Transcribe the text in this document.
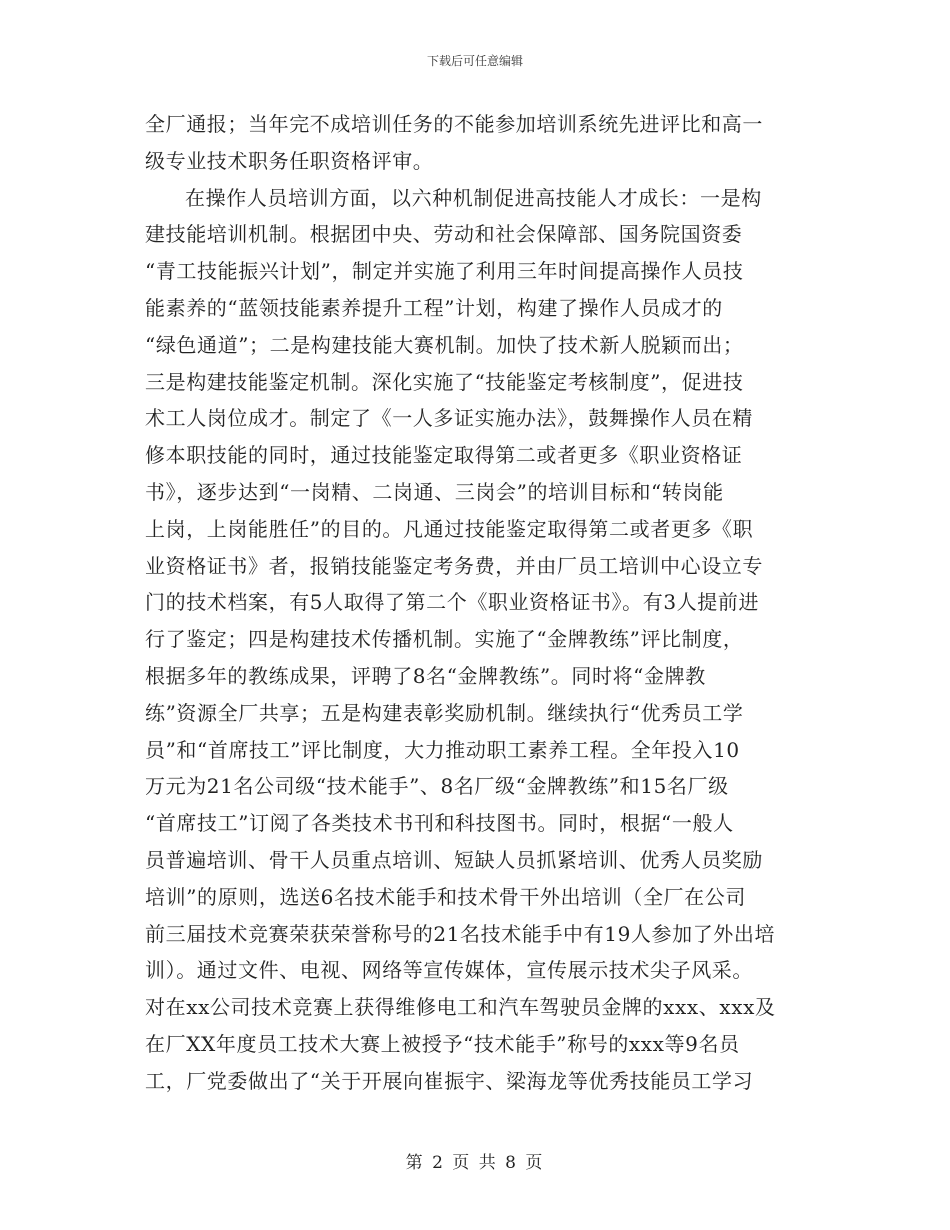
下载后可任意编辑
全厂通报；当年完不成培训任务的不能参加培训系统先进评比和高一
级专业技术职务任职资格评审。
在操作人员培训方面，以六种机制促进高技能人才成长：一是构
建技能培训机制。根据团中央、劳动和社会保障部、国务院国资委
“青工技能振兴计划”，制定并实施了利用三年时间提高操作人员技
能素养的“蓝领技能素养提升工程”计划，构建了操作人员成才的
“绿色通道”；二是构建技能大赛机制。加快了技术新人脱颖而出；
三是构建技能鉴定机制。深化实施了“技能鉴定考核制度”，促进技
术工人岗位成才。制定了《一人多证实施办法》，鼓舞操作人员在精
修本职技能的同时，通过技能鉴定取得第二或者更多《职业资格证
书》，逐步达到“一岗精、二岗通、三岗会”的培训目标和“转岗能
上岗，上岗能胜任”的目的。凡通过技能鉴定取得第二或者更多《职
业资格证书》者，报销技能鉴定考务费，并由厂员工培训中心设立专
门的技术档案，有5人取得了第二个《职业资格证书》。有3人提前进
行了鉴定；四是构建技术传播机制。实施了“金牌教练”评比制度，
根据多年的教练成果，评聘了8名“金牌教练”。同时将“金牌教
练”资源全厂共享；五是构建表彰奖励机制。继续执行“优秀员工学
员”和“首席技工”评比制度，大力推动职工素养工程。全年投入10
万元为21名公司级“技术能手”、8名厂级“金牌教练”和15名厂级
“首席技工”订阅了各类技术书刊和科技图书。同时，根据“一般人
员普遍培训、骨干人员重点培训、短缺人员抓紧培训、优秀人员奖励
培训”的原则，选送6名技术能手和技术骨干外出培训（全厂在公司
前三届技术竞赛荣获荣誉称号的21名技术能手中有19人参加了外出培
训）。通过文件、电视、网络等宣传媒体，宣传展示技术尖子风采。
对在xx公司技术竞赛上获得维修电工和汽车驾驶员金牌的xxx、xxx及
在厂XX年度员工技术大赛上被授予“技术能手”称号的xxx等9名员
工，厂党委做出了“关于开展向崔振宇、梁海龙等优秀技能员工学习
第 2 页 共 8 页
